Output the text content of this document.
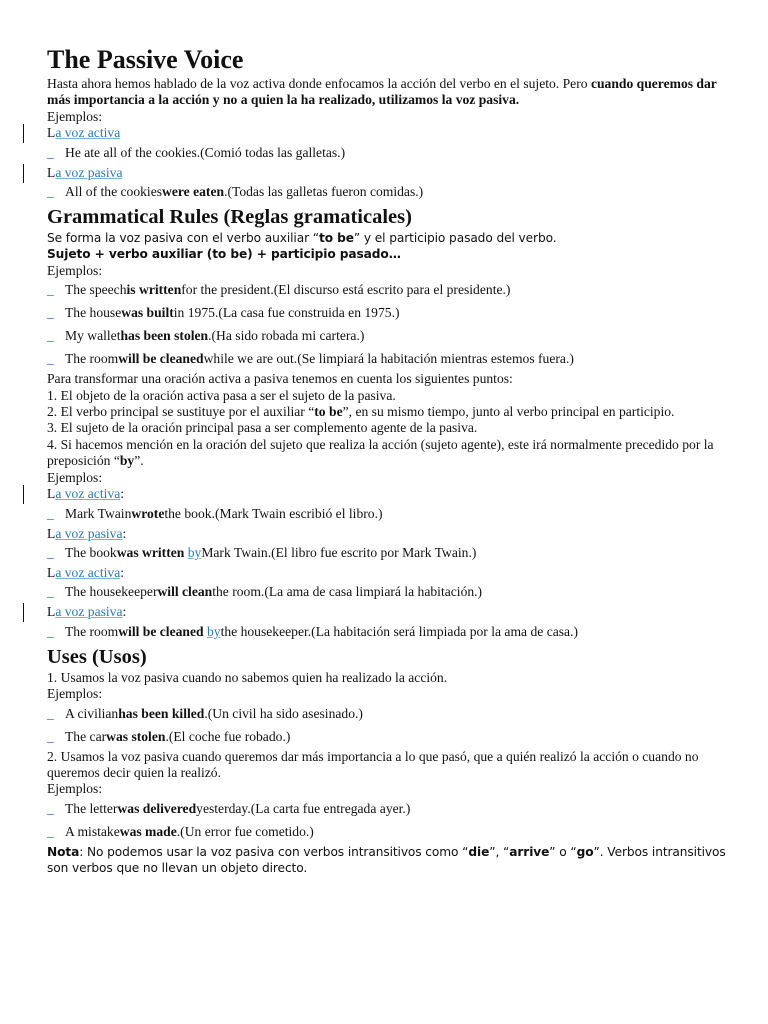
The Passive Voice

Hasta ahora hemos hablado de la voz activa donde enfocamos la acción del verbo en el sujeto. Pero cuando queremos dar más importancia a la acción y no a quien la ha realizado, utilizamos la voz pasiva.

Ejemplos:

La voz activa

_ He ate all of the cookies.(Comió todas las galletas.)

La voz pasiva

_ All of the cookies were eaten .(Todas las galletas fueron comidas.)

Grammatical Rules (Reglas gramaticales)

Se forma la voz pasiva con el verbo auxiliar “to be” y el participio pasado del verbo.

Sujeto + verbo auxiliar (to be) + participio pasado…

Ejemplos:

_ The speech is written for the president.(El discurso está escrito para el presidente.)

_ The house was built in 1975.(La casa fue construida en 1975.)

_ My wallet has been stolen .(Ha sido robada mi cartera.)

_ The room will be cleaned while we are out.(Se limpiará la habitación mientras estemos fuera.)

Para transformar una oración activa a pasiva tenemos en cuenta los siguientes puntos:

1. El objeto de la oración activa pasa a ser el sujeto de la pasiva.

2. El verbo principal se sustituye por el auxiliar “to be”, en su mismo tiempo, junto al verbo principal en participio.

3. El sujeto de la oración principal pasa a ser complemento agente de la pasiva.

4. Si hacemos mención en la oración del sujeto que realiza la acción (sujeto agente), este irá normalmente precedido por la preposición “by”.

Ejemplos:

La voz activa:

_ Mark Twain wrote the book.(Mark Twain escribió el libro.)

La voz pasiva:

_ The book was written
by Mark Twain.(El libro fue escrito por Mark Twain.)

La voz activa:

_ The housekeeper will clean the room.(La ama de casa limpiará la habitación.)

La voz pasiva:

_ The room will be cleaned
by the housekeeper.(La habitación será limpiada por la ama de casa.)

Uses (Usos)

1. Usamos la voz pasiva cuando no sabemos quien ha realizado la acción.

Ejemplos:

_ A civilian has been killed .(Un civil ha sido asesinado.)

_ The car was stolen .(El coche fue robado.)

2. Usamos la voz pasiva cuando queremos dar más importancia a lo que pasó, que a quién realizó la acción o cuando no queremos decir quien la realizó.

Ejemplos:

_ The letter was delivered yesterday.(La carta fue entregada ayer.)

_ A mistake was made .(Un error fue cometido.)

Nota: No podemos usar la voz pasiva con verbos intransitivos como “die”, “arrive” o “go”. Verbos intransitivos son verbos que no llevan un objeto directo.
